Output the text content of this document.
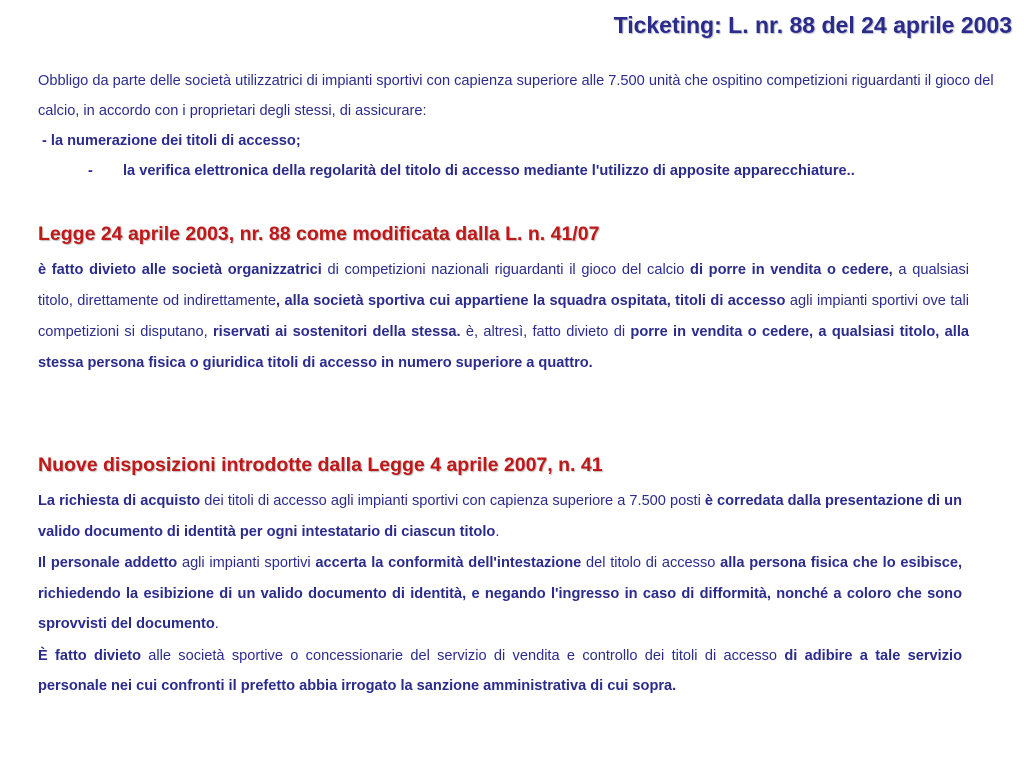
Ticketing: L. nr. 88 del 24 aprile 2003

Obbligo da parte delle società utilizzatrici di impianti sportivi con capienza superiore alle 7.500 unità che ospitino competizioni riguardanti il gioco del calcio, in accordo con i proprietari degli stessi, di assicurare:

- la numerazione dei titoli di accesso;

- la verifica elettronica della regolarità del titolo di accesso mediante l'utilizzo di apposite apparecchiature..

Legge 24 aprile 2003, nr. 88 come modificata dalla L. n. 41/07

è fatto divieto alle società organizzatrici di competizioni nazionali riguardanti il gioco del calcio di porre in vendita o cedere, a qualsiasi titolo, direttamente od indirettamente, alla società sportiva cui appartiene la squadra ospitata, titoli di accesso agli impianti sportivi ove tali competizioni si disputano, riservati ai sostenitori della stessa. è, altresì, fatto divieto di porre in vendita o cedere, a qualsiasi titolo, alla stessa persona fisica o giuridica titoli di accesso in numero superiore a quattro.

Nuove disposizioni introdotte dalla Legge 4 aprile 2007, n. 41

La richiesta di acquisto dei titoli di accesso agli impianti sportivi con capienza superiore a 7.500 posti è corredata dalla presentazione di un valido documento di identità per ogni intestatario di ciascun titolo.

Il personale addetto agli impianti sportivi accerta la conformità dell'intestazione del titolo di accesso alla persona fisica che lo esibisce, richiedendo la esibizione di un valido documento di identità, e negando l'ingresso in caso di difformità, nonché a coloro che sono sprovvisti del documento.

È fatto divieto alle società sportive o concessionarie del servizio di vendita e controllo dei titoli di accesso di adibire a tale servizio personale nei cui confronti il prefetto abbia irrogato la sanzione amministrativa di cui sopra.
